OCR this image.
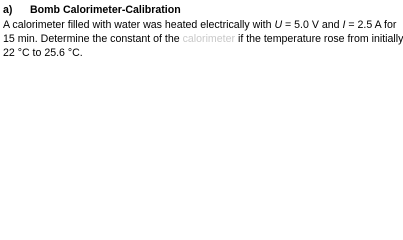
a) Bomb Calorimeter-Calibration

A calorimeter filled with water was heated electrically with U = 5.0 V and I = 2.5 A for
15 min. Determine the constant of the calorimeter if the temperature rose from initially
22 °C to 25.6 °C.
